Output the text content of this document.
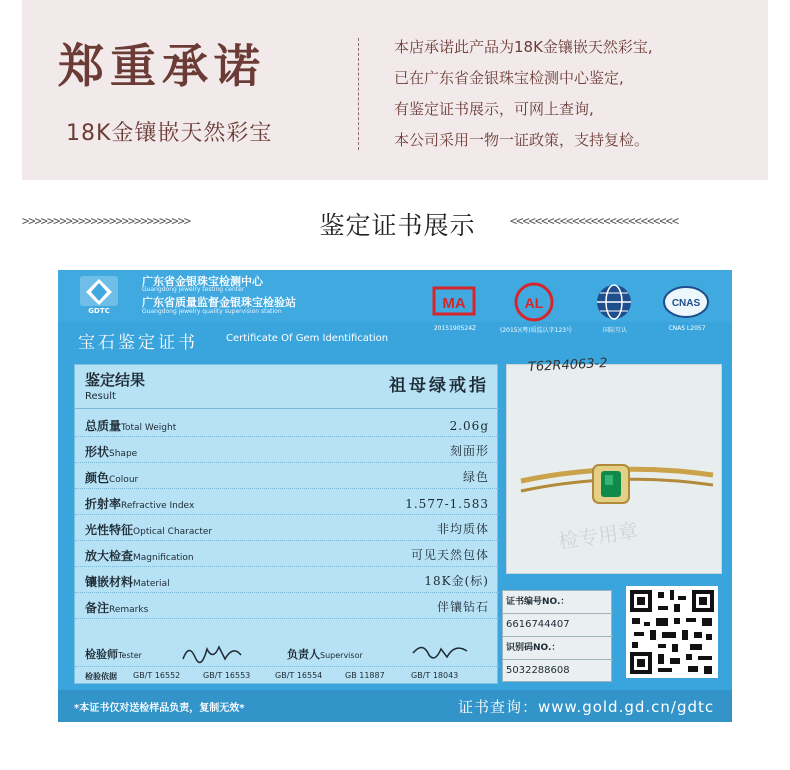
郑重承诺
18K金镶嵌天然彩宝
本店承诺此产品为18K金镶嵌天然彩宝,
已在广东省金银珠宝检测中心鉴定,
有鉴定证书展示，可网上查询,
本公司采用一物一证政策，支持复检。
>>>>>>>>>>>>>>>>>>>>>>>>>>>	鉴定证书展示	<<<<<<<<<<<<<<<<<<<<<<<<<<<
GDTC
广东省金银珠宝检测中心
Guangdong jewelry testing center
广东省质量监督金银珠宝检验站
Guangdong jewelry quality supervision station	MA
2015190524Z
AL
(2015)(粤)质监认字123号	国际互认
CNAS
CNAS L2057
宝石鉴定证书	Certificate Of Gem Identification
鉴定结果
Result
祖母绿戒指
总质量Total Weight	2.06g
形状Shape	刻面形
颜色Colour	绿色
折射率Refractive Index	1.577-1.583
光性特征Optical Character	非均质体
放大检查Magnification	可见天然包体
镶嵌材料Material	18K金(标)
备注Remarks	伴镶钻石
检验师Tester	负责人Supervisor
检验依据 GB/T 16552	GB/T 16553	GB/T 16554	GB 11887	GB/T 18043
T62R4063-2
检专用章
证书编号NO.：
6616744407
识别码NO.：
5032288608
*本证书仅对送检样品负责，复制无效*	证书查询：www.gold.gd.cn/gdtc
